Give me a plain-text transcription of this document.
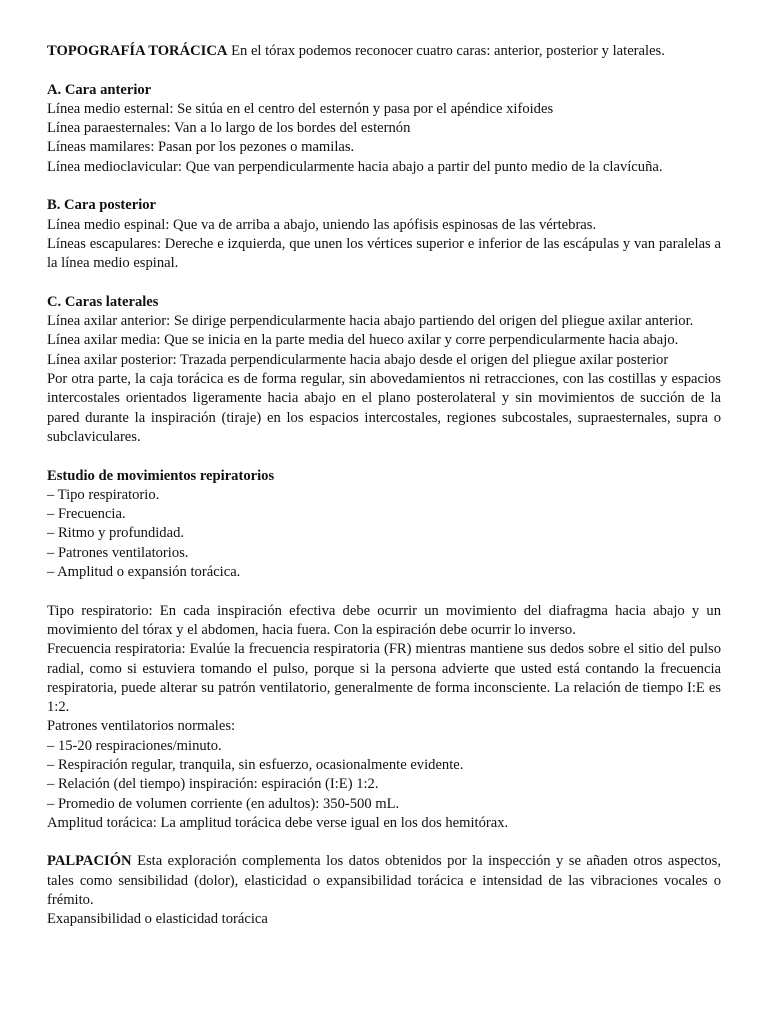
TOPOGRAFÍA TORÁCICA En el tórax podemos reconocer cuatro caras: anterior, posterior y laterales.

A. Cara anterior

Línea medio esternal: Se sitúa en el centro del esternón y pasa por el apéndice xifoides

Línea paraesternales: Van a lo largo de los bordes del esternón

Líneas mamilares: Pasan por los pezones o mamilas.

Línea medioclavicular: Que van perpendicularmente hacia abajo a partir del punto medio de la clavícuña.

B. Cara posterior

Línea medio espinal: Que va de arriba a abajo, uniendo las apófisis espinosas de las vértebras.

Líneas escapulares: Dereche e izquierda, que unen los vértices superior e inferior de las escápulas y van paralelas a la línea medio espinal.

C. Caras laterales

Línea axilar anterior: Se dirige perpendicularmente hacia abajo partiendo del origen del pliegue axilar anterior.

Línea axilar media: Que se inicia en la parte media del hueco axilar y corre perpendicularmente hacia abajo.

Línea axilar posterior: Trazada perpendicularmente hacia abajo desde el origen del pliegue axilar posterior

Por otra parte, la caja torácica es de forma regular, sin abovedamientos ni retracciones, con las costillas y espacios intercostales orientados ligeramente hacia abajo en el plano posterolateral y sin movimientos de succión de la pared durante la inspiración (tiraje) en los espacios intercostales, regiones subcostales, supraesternales, supra o subclaviculares.

Estudio de movimientos repiratorios

– Tipo respiratorio.

– Frecuencia.

– Ritmo y profundidad.

– Patrones ventilatorios.

– Amplitud o expansión torácica.

Tipo respiratorio: En cada inspiración efectiva debe ocurrir un movimiento del diafragma hacia abajo y un movimiento del tórax y el abdomen, hacia fuera. Con la espiración debe ocurrir lo inverso.

Frecuencia respiratoria: Evalúe la frecuencia respiratoria (FR) mientras mantiene sus dedos sobre el sitio del pulso radial, como si estuviera tomando el pulso, porque si la persona advierte que usted está contando la frecuencia respiratoria, puede alterar su patrón ventilatorio, generalmente de forma inconsciente. La relación de tiempo I:E es 1:2.

Patrones ventilatorios normales:

– 15-20 respiraciones/minuto.

– Respiración regular, tranquila, sin esfuerzo, ocasionalmente evidente.

– Relación (del tiempo) inspiración: espiración (I:E) 1:2.

– Promedio de volumen corriente (en adultos): 350-500 mL.

Amplitud torácica: La amplitud torácica debe verse igual en los dos hemitórax.

PALPACIÓN Esta exploración complementa los datos obtenidos por la inspección y se añaden otros aspectos, tales como sensibilidad (dolor), elasticidad o expansibilidad torácica e intensidad de las vibraciones vocales o frémito.

Exapansibilidad o elasticidad torácica
